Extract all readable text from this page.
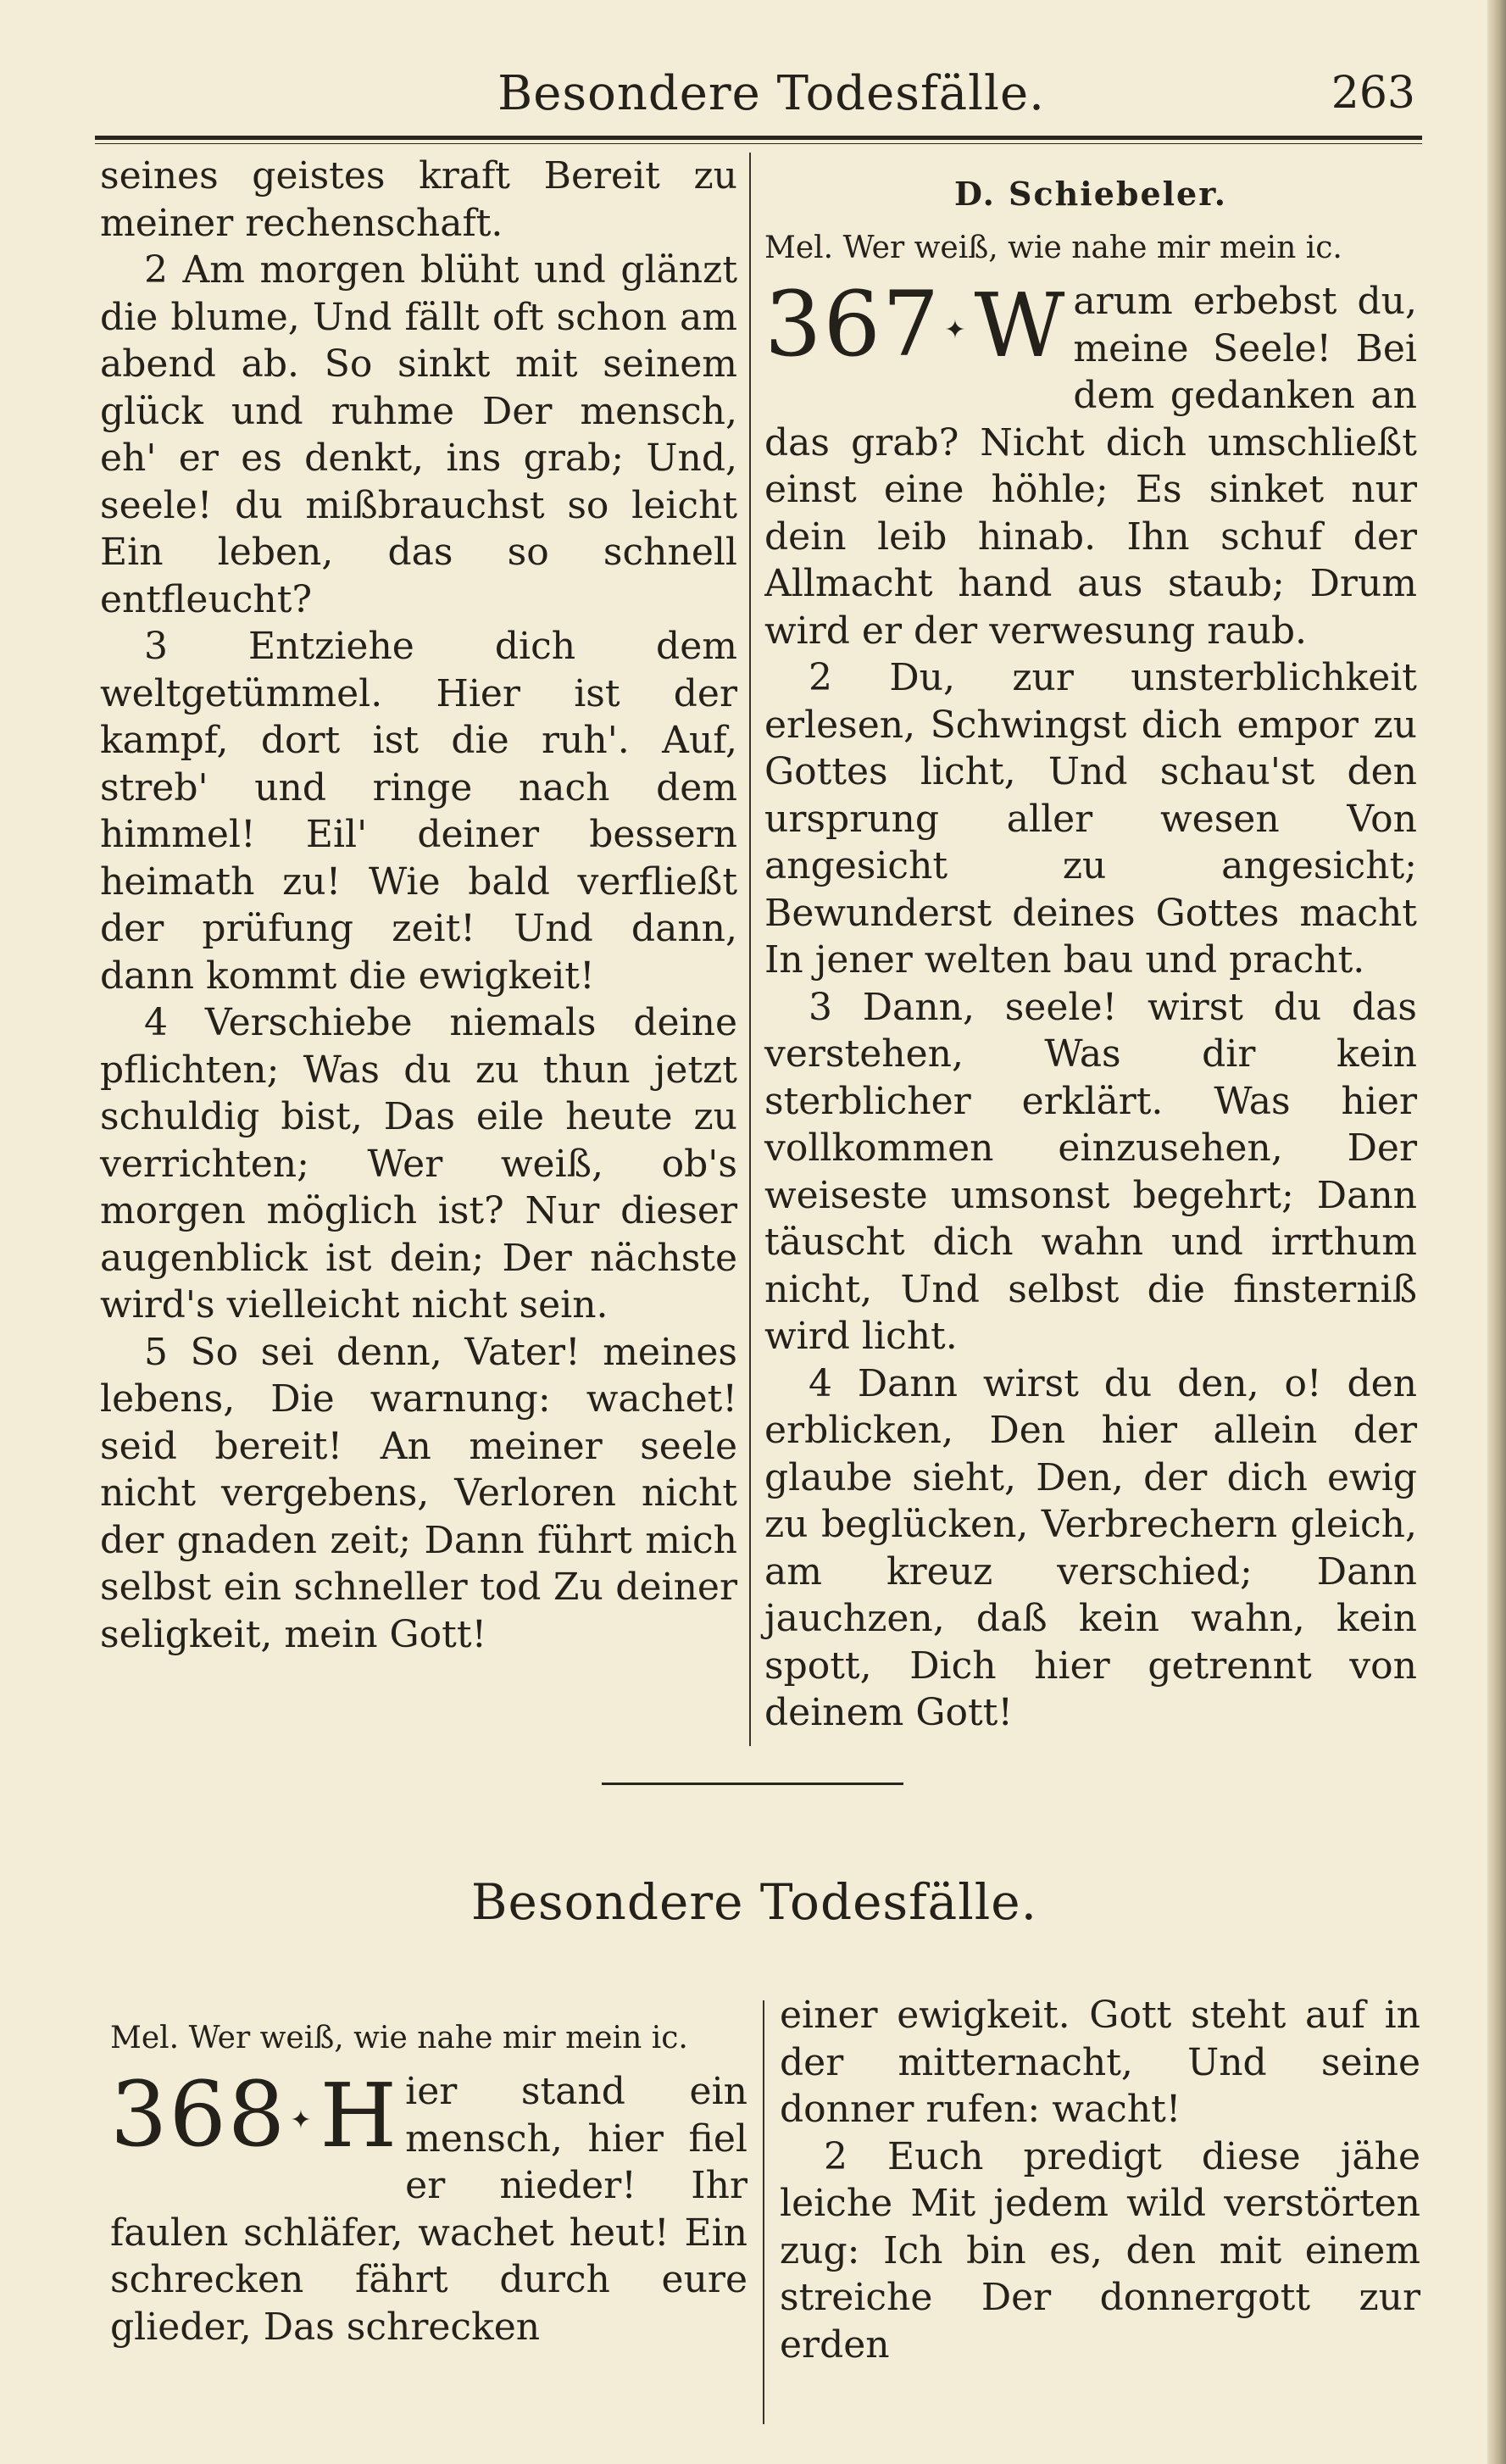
Besondere Todesfälle.	263

seines geistes kraft Bereit zu meiner rechenschaft.

2 Am morgen blüht und glänzt die blume, Und fällt oft schon am abend ab. So sinkt mit seinem glück und ruhme Der mensch, eh' er es denkt, ins grab; Und, seele! du mißbrauchst so leicht Ein leben, das so schnell entfleucht?

3 Entziehe dich dem weltgetümmel. Hier ist der kampf, dort ist die ruh'. Auf, streb' und ringe nach dem himmel! Eil' deiner bessern heimath zu! Wie bald verfließt der prüfung zeit! Und dann, dann kommt die ewigkeit!

4 Verschiebe niemals deine pflichten; Was du zu thun jetzt schuldig bist, Das eile heute zu verrichten; Wer weiß, ob's morgen möglich ist? Nur dieser augenblick ist dein; Der nächste wird's vielleicht nicht sein.

5 So sei denn, Vater! meines lebens, Die warnung: wachet! seid bereit! An meiner seele nicht vergebens, Verloren nicht der gnaden zeit; Dann führt mich selbst ein schneller tod Zu deiner seligkeit, mein Gott!

D. Schiebeler.
Mel. Wer weiß, wie nahe mir mein ic.
367 ✦ W arum erbebst du, meine Seele! Bei dem gedanken an das grab? Nicht dich umschließt einst eine höhle; Es sinket nur dein leib hinab. Ihn schuf der Allmacht hand aus staub; Drum wird er der verwesung raub.

2 Du, zur unsterblichkeit erlesen, Schwingst dich empor zu Gottes licht, Und schau'st den ursprung aller wesen Von angesicht zu angesicht; Bewunderst deines Gottes macht In jener welten bau und pracht.

3 Dann, seele! wirst du das verstehen, Was dir kein sterblicher erklärt. Was hier vollkommen einzusehen, Der weiseste umsonst begehrt; Dann täuscht dich wahn und irrthum nicht, Und selbst die finsterniß wird licht.

4 Dann wirst du den, o! den erblicken, Den hier allein der glaube sieht, Den, der dich ewig zu beglücken, Verbrechern gleich, am kreuz verschied; Dann jauchzen, daß kein wahn, kein spott, Dich hier getrennt von deinem Gott!

Besondere Todesfälle.
Mel. Wer weiß, wie nahe mir mein ic.
368 ✦ H ier stand ein mensch, hier fiel er nieder! Ihr faulen schläfer, wachet heut! Ein schrecken fährt durch eure glieder, Das schrecken

einer ewigkeit. Gott steht auf in der mitternacht, Und seine donner rufen: wacht!

2 Euch predigt diese jähe leiche Mit jedem wild verstörten zug: Ich bin es, den mit einem streiche Der donnergott zur erden
